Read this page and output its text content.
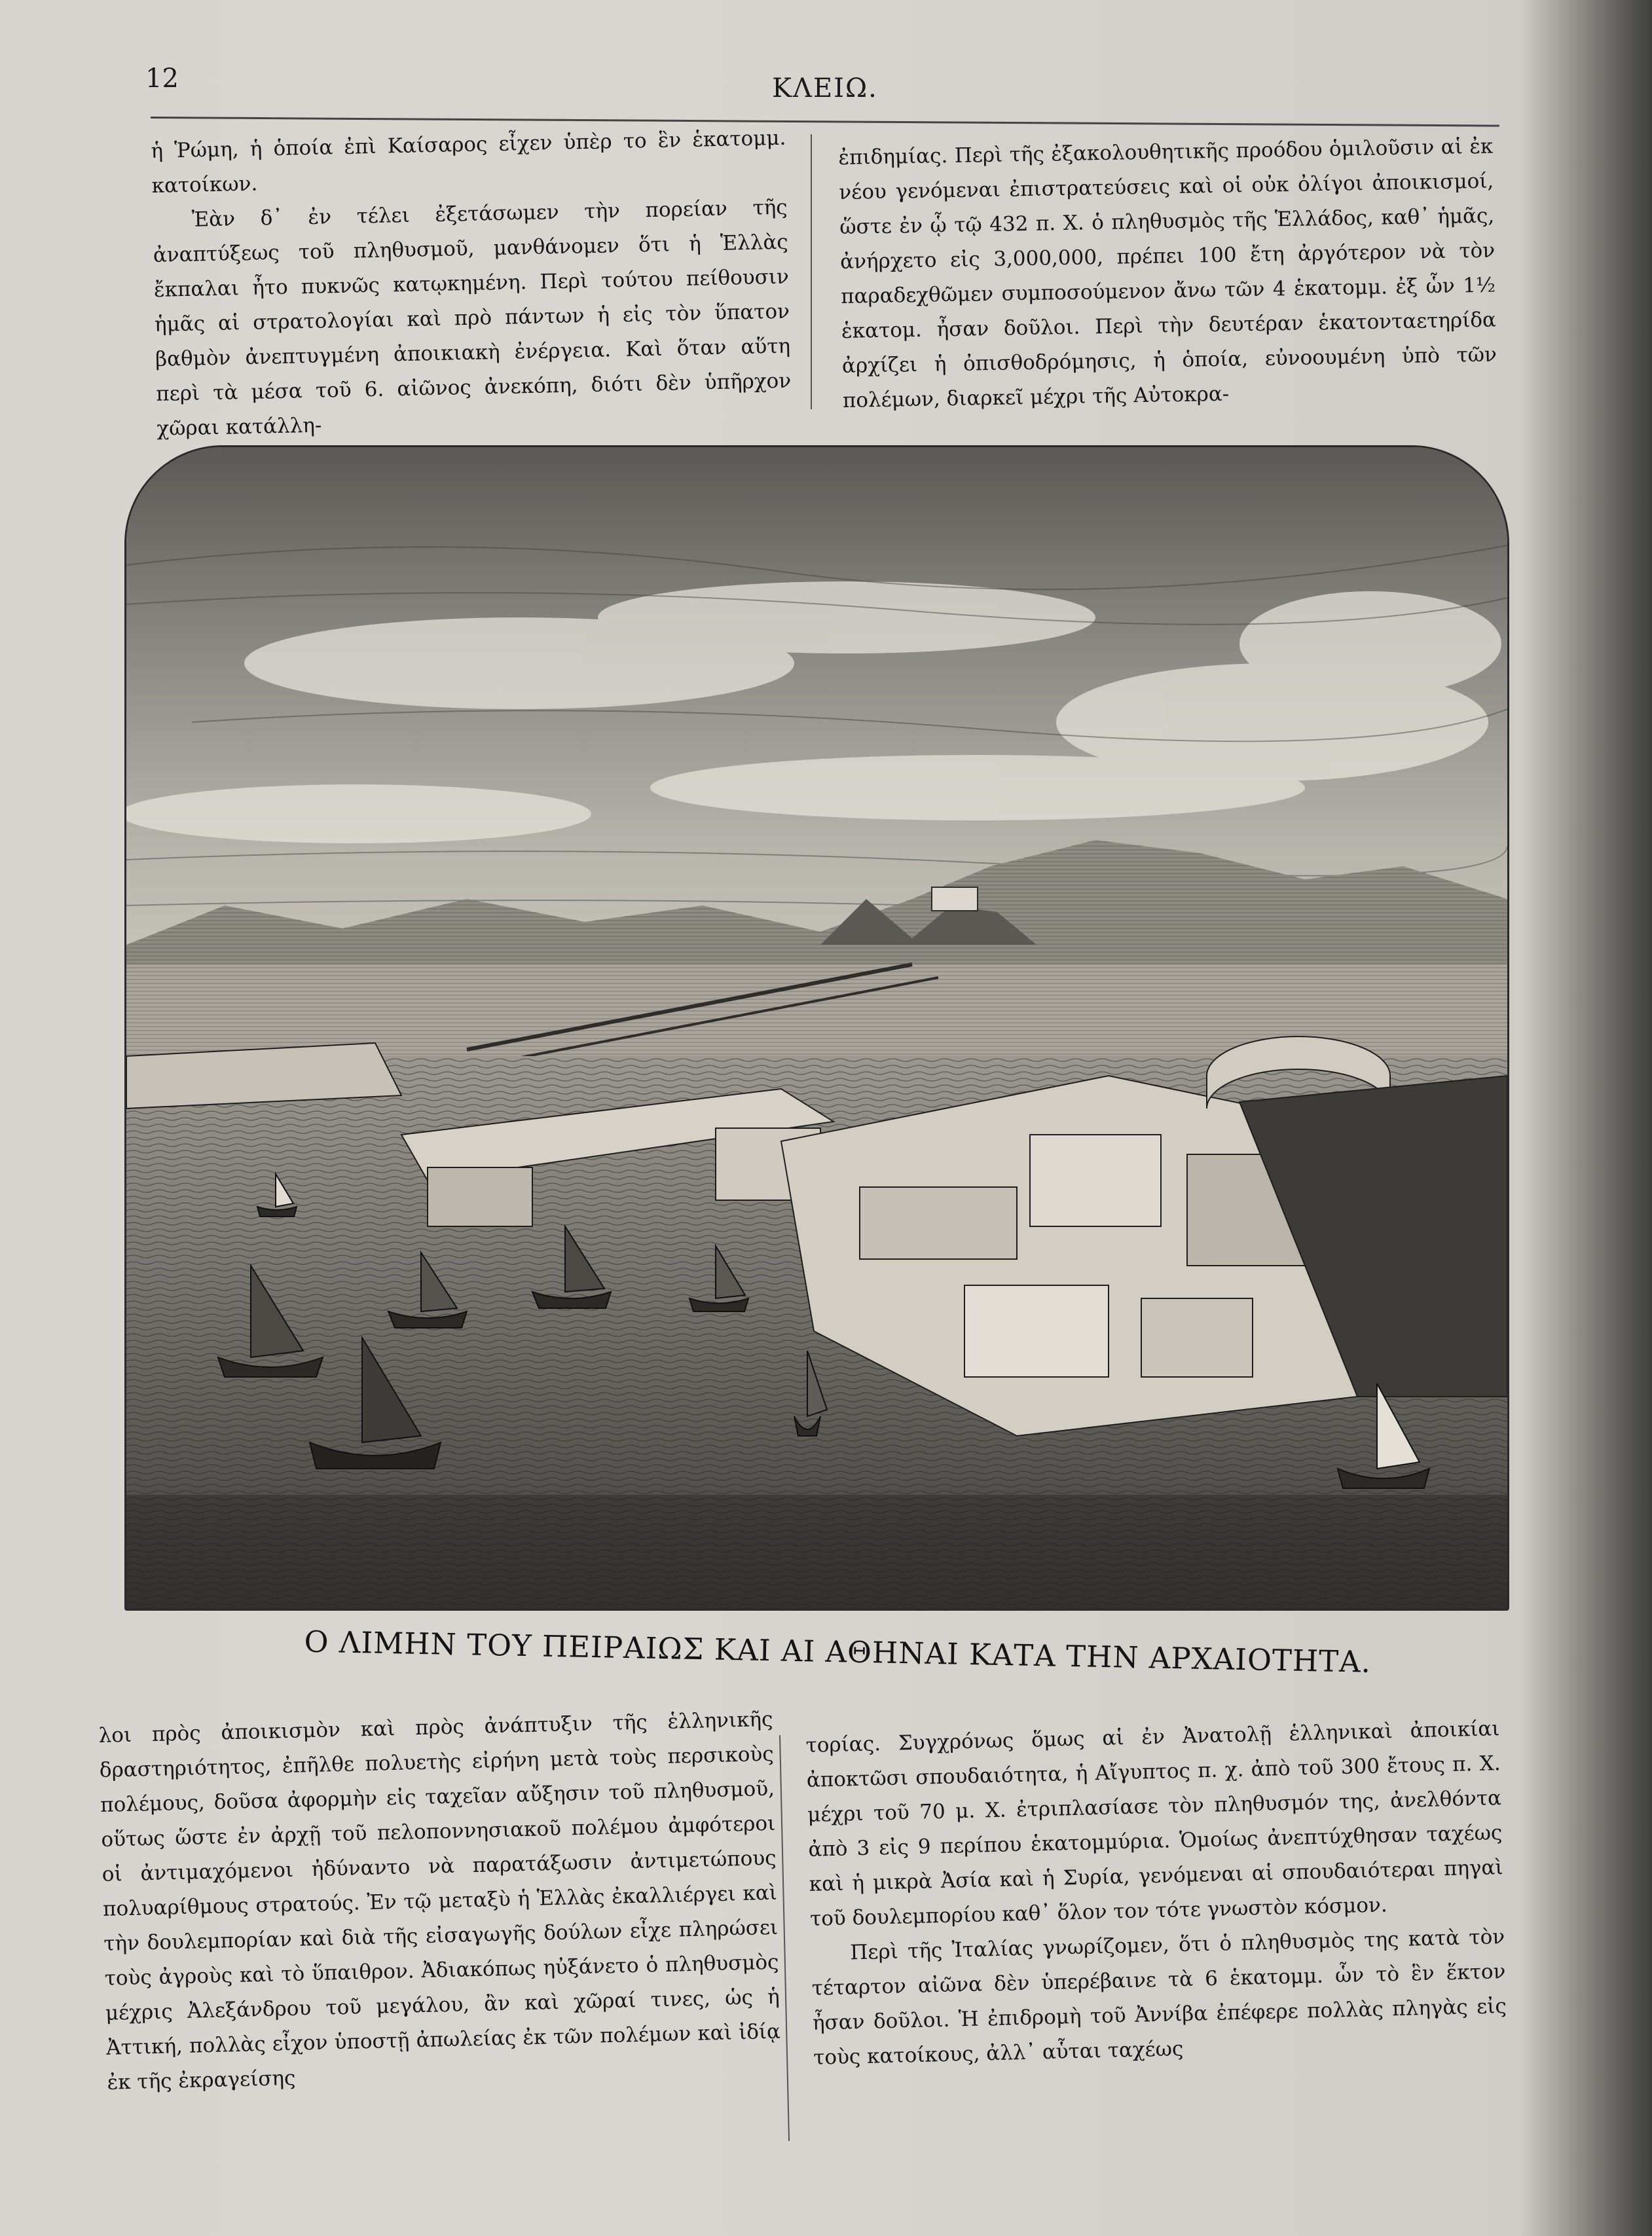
12	ΚΛΕΙΩ.

ἡ Ῥώμη, ἡ ὁποία ἐπὶ Καίσαρος εἶχεν ὑπὲρ το ἓν ἑκατομμ. κατοίκων.

Ἐὰν δ᾽ ἐν τέλει ἐξετάσωμεν τὴν πορείαν τῆς ἀναπτύξεως τοῦ πληθυσμοῦ, μανθάνομεν ὅτι ἡ Ἑλλὰς ἔκπαλαι ἦτο πυκνῶς κατῳκημένη. Περὶ τούτου πείθουσιν ἡμᾶς αἱ στρατολογίαι καὶ πρὸ πάντων ἡ εἰς τὸν ὕπατον βαθμὸν ἀνεπτυγμένη ἀποικιακὴ ἐνέργεια. Καὶ ὅταν αὕτη περὶ τὰ μέσα τοῦ 6. αἰῶνος ἀνεκόπη, διότι δὲν ὑπῆρχον χῶραι κατάλλη-

ἐπιδημίας. Περὶ τῆς ἐξακολουθητικῆς προόδου ὁμιλοῦσιν αἱ ἐκ νέου γενόμεναι ἐπιστρατεύσεις καὶ οἱ οὐκ ὀλίγοι ἀποικισμοί, ὥστε ἐν ᾧ τῷ 432 π. Χ. ὁ πληθυσμὸς τῆς Ἑλλάδος, καθ᾽ ἡμᾶς, ἀνήρχετο εἰς 3,000,000, πρέπει 100 ἔτη ἀργότερον νὰ τὸν παραδεχθῶμεν συμποσούμενον ἄνω τῶν 4 ἑκατομμ. ἐξ ὧν 1½ ἑκατομ. ἦσαν δοῦλοι. Περὶ τὴν δευτέραν ἑκατονταετηρίδα ἀρχίζει ἡ ὀπισθοδρόμησις, ἡ ὁποία, εὐνοουμένη ὑπὸ τῶν πολέμων, διαρκεῖ μέχρι τῆς Αὐτοκρα-

Ο ΛΙΜΗΝ ΤΟΥ ΠΕΙΡΑΙΩΣ ΚΑΙ ΑΙ ΑΘΗΝΑΙ ΚΑΤΑ ΤΗΝ ΑΡΧΑΙΟΤΗΤΑ.

λοι πρὸς ἀποικισμὸν καὶ πρὸς ἀνάπτυξιν τῆς ἑλληνικῆς δραστηριότητος, ἐπῆλθε πολυετὴς εἰρήνη μετὰ τοὺς περσικοὺς πολέμους, δοῦσα ἀφορμὴν εἰς ταχεῖαν αὔξησιν τοῦ πληθυσμοῦ, οὕτως ὥστε ἐν ἀρχῇ τοῦ πελοποννησιακοῦ πολέμου ἀμφότεροι οἱ ἀντιμαχόμενοι ἠδύναντο νὰ παρατάξωσιν ἀντιμετώπους πολυαρίθμους στρατούς. Ἐν τῷ μεταξὺ ἡ Ἑλλὰς ἐκαλλιέργει καὶ τὴν δουλεμπορίαν καὶ διὰ τῆς εἰσαγωγῆς δούλων εἶχε πληρώσει τοὺς ἀγροὺς καὶ τὸ ὕπαιθρον. Ἀδιακόπως ηὐξάνετο ὁ πληθυσμὸς μέχρις Ἀλεξάνδρου τοῦ μεγάλου, ἂν καὶ χῶραί τινες, ὡς ἡ Ἀττική, πολλὰς εἶχον ὑποστῇ ἀπωλείας ἐκ τῶν πολέμων καὶ ἰδίᾳ ἐκ τῆς ἐκραγείσης

τορίας. Συγχρόνως ὅμως αἱ ἐν Ἀνατολῇ ἑλληνικαὶ ἀποικίαι ἀποκτῶσι σπουδαιότητα, ἡ Αἴγυπτος π. χ. ἀπὸ τοῦ 300 ἔτους π. Χ. μέχρι τοῦ 70 μ. Χ. ἐτριπλασίασε τὸν πληθυσμόν της, ἀνελθόντα ἀπὸ 3 εἰς 9 περίπου ἑκατομμύρια. Ὁμοίως ἀνεπτύχθησαν ταχέως καὶ ἡ μικρὰ Ἀσία καὶ ἡ Συρία, γενόμεναι αἱ σπουδαιότεραι πηγαὶ τοῦ δουλεμπορίου καθ᾽ ὅλον τον τότε γνωστὸν κόσμον.

Περὶ τῆς Ἰταλίας γνωρίζομεν, ὅτι ὁ πληθυσμὸς της κατὰ τὸν τέταρτον αἰῶνα δὲν ὑπερέβαινε τὰ 6 ἑκατομμ. ὧν τὸ ἓν ἕκτον ἦσαν δοῦλοι. Ἡ ἐπιδρομὴ τοῦ Ἀννίβα ἐπέφερε πολλὰς πληγὰς εἰς τοὺς κατοίκους, ἀλλ᾽ αὗται ταχέως
